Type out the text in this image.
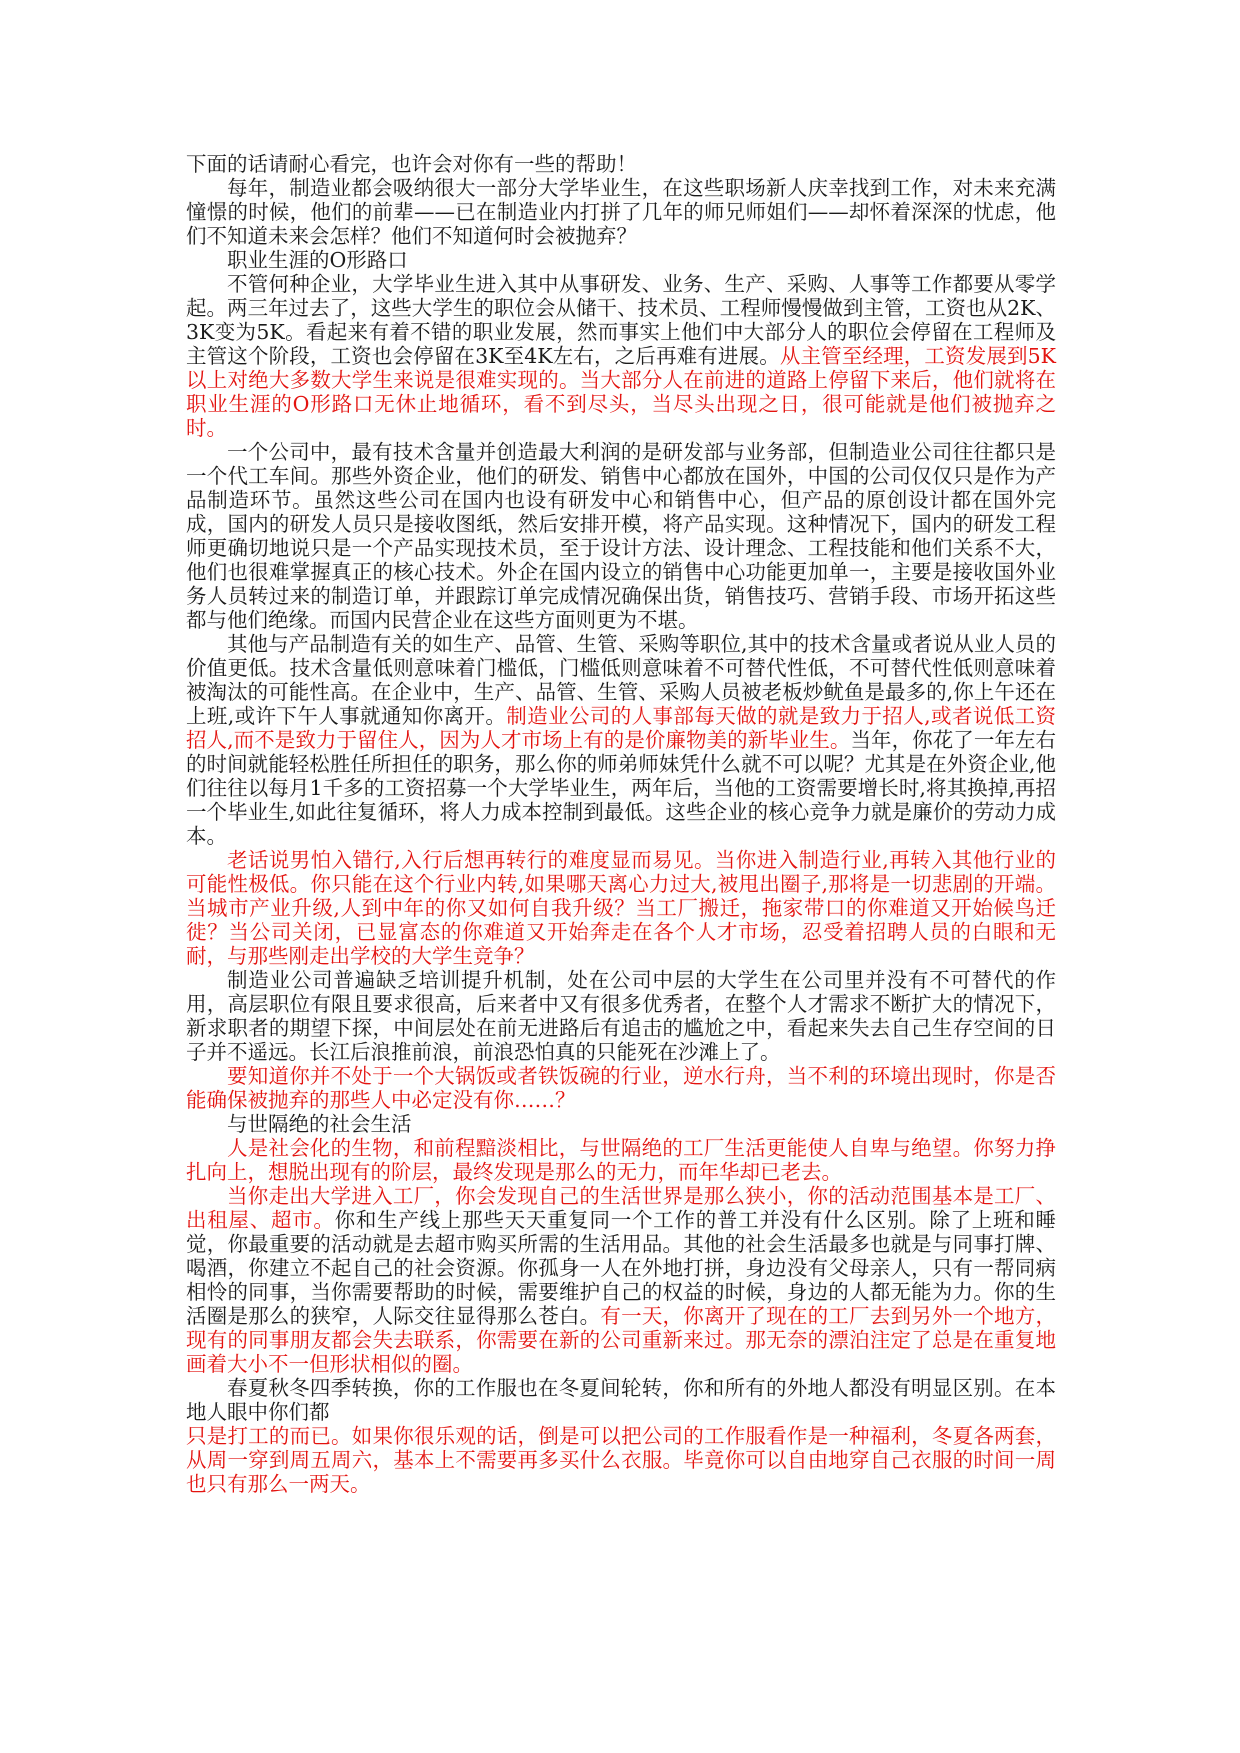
下面的话请耐心看完，也许会对你有一些的帮助！

每年，制造业都会吸纳很大一部分大学毕业生，在这些职场新人庆幸找到工作，对未来充满憧憬的时候，他们的前辈——已在制造业内打拼了几年的师兄师姐们——却怀着深深的忧虑，他们不知道未来会怎样？他们不知道何时会被抛弃？

职业生涯的O形路口

不管何种企业，大学毕业生进入其中从事研发、业务、生产、采购、人事等工作都要从零学起。两三年过去了，这些大学生的职位会从储干、技术员、工程师慢慢做到主管，工资也从2K、3K变为5K。看起来有着不错的职业发展，然而事实上他们中大部分人的职位会停留在工程师及主管这个阶段，工资也会停留在3K至4K左右，之后再难有进展。从主管至经理，工资发展到5K以上对绝大多数大学生来说是很难实现的。当大部分人在前进的道路上停留下来后，他们就将在职业生涯的O形路口无休止地循环，看不到尽头，当尽头出现之日，很可能就是他们被抛弃之时。

一个公司中，最有技术含量并创造最大利润的是研发部与业务部，但制造业公司往往都只是一个代工车间。那些外资企业，他们的研发、销售中心都放在国外，中国的公司仅仅只是作为产品制造环节。虽然这些公司在国内也设有研发中心和销售中心，但产品的原创设计都在国外完成，国内的研发人员只是接收图纸，然后安排开模，将产品实现。这种情况下，国内的研发工程师更确切地说只是一个产品实现技术员，至于设计方法、设计理念、工程技能和他们关系不大，他们也很难掌握真正的核心技术。外企在国内设立的销售中心功能更加单一，主要是接收国外业务人员转过来的制造订单，并跟踪订单完成情况确保出货，销售技巧、营销手段、市场开拓这些都与他们绝缘。而国内民营企业在这些方面则更为不堪。

其他与产品制造有关的如生产、品管、生管、采购等职位,其中的技术含量或者说从业人员的价值更低。技术含量低则意味着门槛低，门槛低则意味着不可替代性低，不可替代性低则意味着被淘汰的可能性高。在企业中，生产、品管、生管、采购人员被老板炒鱿鱼是最多的,你上午还在上班,或许下午人事就通知你离开。制造业公司的人事部每天做的就是致力于招人,或者说低工资招人,而不是致力于留住人，因为人才市场上有的是价廉物美的新毕业生。当年，你花了一年左右的时间就能轻松胜任所担任的职务，那么你的师弟师妹凭什么就不可以呢？尤其是在外资企业,他们往往以每月1千多的工资招募一个大学毕业生，两年后，当他的工资需要增长时,将其换掉,再招一个毕业生,如此往复循环，将人力成本控制到最低。这些企业的核心竞争力就是廉价的劳动力成本。

老话说男怕入错行,入行后想再转行的难度显而易见。当你进入制造行业,再转入其他行业的可能性极低。你只能在这个行业内转,如果哪天离心力过大,被甩出圈子,那将是一切悲剧的开端。当城市产业升级,人到中年的你又如何自我升级？当工厂搬迁，拖家带口的你难道又开始候鸟迁徙？当公司关闭，已显富态的你难道又开始奔走在各个人才市场，忍受着招聘人员的白眼和无耐，与那些刚走出学校的大学生竞争？

制造业公司普遍缺乏培训提升机制，处在公司中层的大学生在公司里并没有不可替代的作用，高层职位有限且要求很高，后来者中又有很多优秀者，在整个人才需求不断扩大的情况下，新求职者的期望下探，中间层处在前无进路后有追击的尴尬之中，看起来失去自己生存空间的日子并不遥远。长江后浪推前浪，前浪恐怕真的只能死在沙滩上了。

要知道你并不处于一个大锅饭或者铁饭碗的行业，逆水行舟，当不利的环境出现时，你是否能确保被抛弃的那些人中必定没有你……？

与世隔绝的社会生活

人是社会化的生物，和前程黯淡相比，与世隔绝的工厂生活更能使人自卑与绝望。你努力挣扎向上，想脱出现有的阶层，最终发现是那么的无力，而年华却已老去。

当你走出大学进入工厂，你会发现自己的生活世界是那么狭小，你的活动范围基本是工厂、出租屋、超市。你和生产线上那些天天重复同一个工作的普工并没有什么区别。除了上班和睡觉，你最重要的活动就是去超市购买所需的生活用品。其他的社会生活最多也就是与同事打牌、喝酒，你建立不起自己的社会资源。你孤身一人在外地打拼，身边没有父母亲人，只有一帮同病相怜的同事，当你需要帮助的时候，需要维护自己的权益的时候，身边的人都无能为力。你的生活圈是那么的狭窄，人际交往显得那么苍白。有一天，你离开了现在的工厂去到另外一个地方，现有的同事朋友都会失去联系，你需要在新的公司重新来过。那无奈的漂泊注定了总是在重复地画着大小不一但形状相似的圈。

春夏秋冬四季转换，你的工作服也在冬夏间轮转，你和所有的外地人都没有明显区别。在本地人眼中你们都

只是打工的而已。如果你很乐观的话，倒是可以把公司的工作服看作是一种福利，冬夏各两套，从周一穿到周五周六，基本上不需要再多买什么衣服。毕竟你可以自由地穿自己衣服的时间一周也只有那么一两天。
